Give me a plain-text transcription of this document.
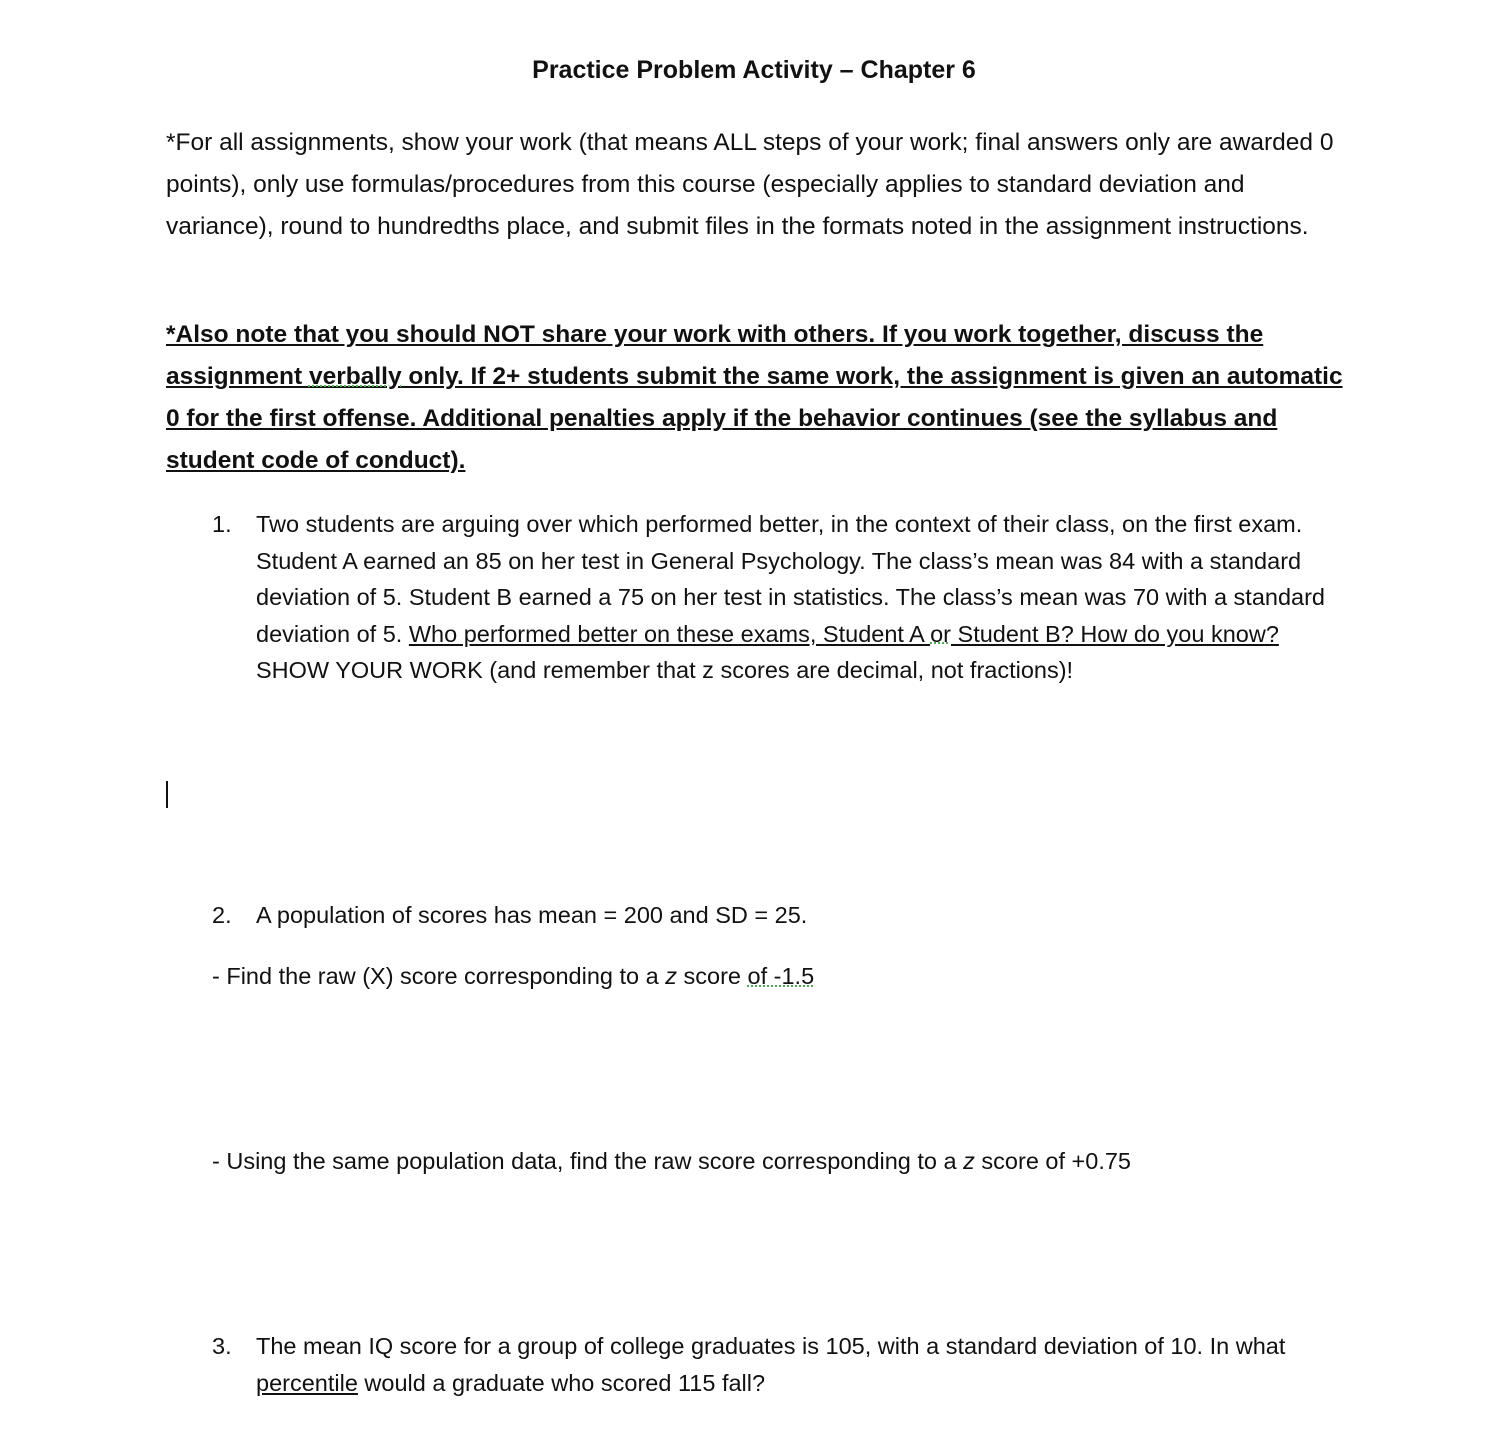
Practice Problem Activity – Chapter 6

*For all assignments, show your work (that means ALL steps of your work; final answers only are awarded 0 points), only use formulas/procedures from this course (especially applies to standard deviation and variance), round to hundredths place, and submit files in the formats noted in the assignment instructions.

*Also note that you should NOT share your work with others. If you work together, discuss the assignment verbally only. If 2+ students submit the same work, the assignment is given an automatic 0 for the first offense. Additional penalties apply if the behavior continues (see the syllabus and student code of conduct).

1.	Two students are arguing over which performed better, in the context of their class, on the first exam. Student A earned an 85 on her test in General Psychology. The class’s mean was 84 with a standard deviation of 5. Student B earned a 75 on her test in statistics. The class’s mean was 70 with a standard deviation of 5. Who performed better on these exams, Student A or Student B? How do you know? SHOW YOUR WORK (and remember that z scores are decimal, not fractions)!
2.	A population of scores has mean = 200 and SD = 25.
- Find the raw (X) score corresponding to a z score of -1.5
- Using the same population data, find the raw score corresponding to a z score of +0.75
3.	The mean IQ score for a group of college graduates is 105, with a standard deviation of 10. In what percentile would a graduate who scored 115 fall?
